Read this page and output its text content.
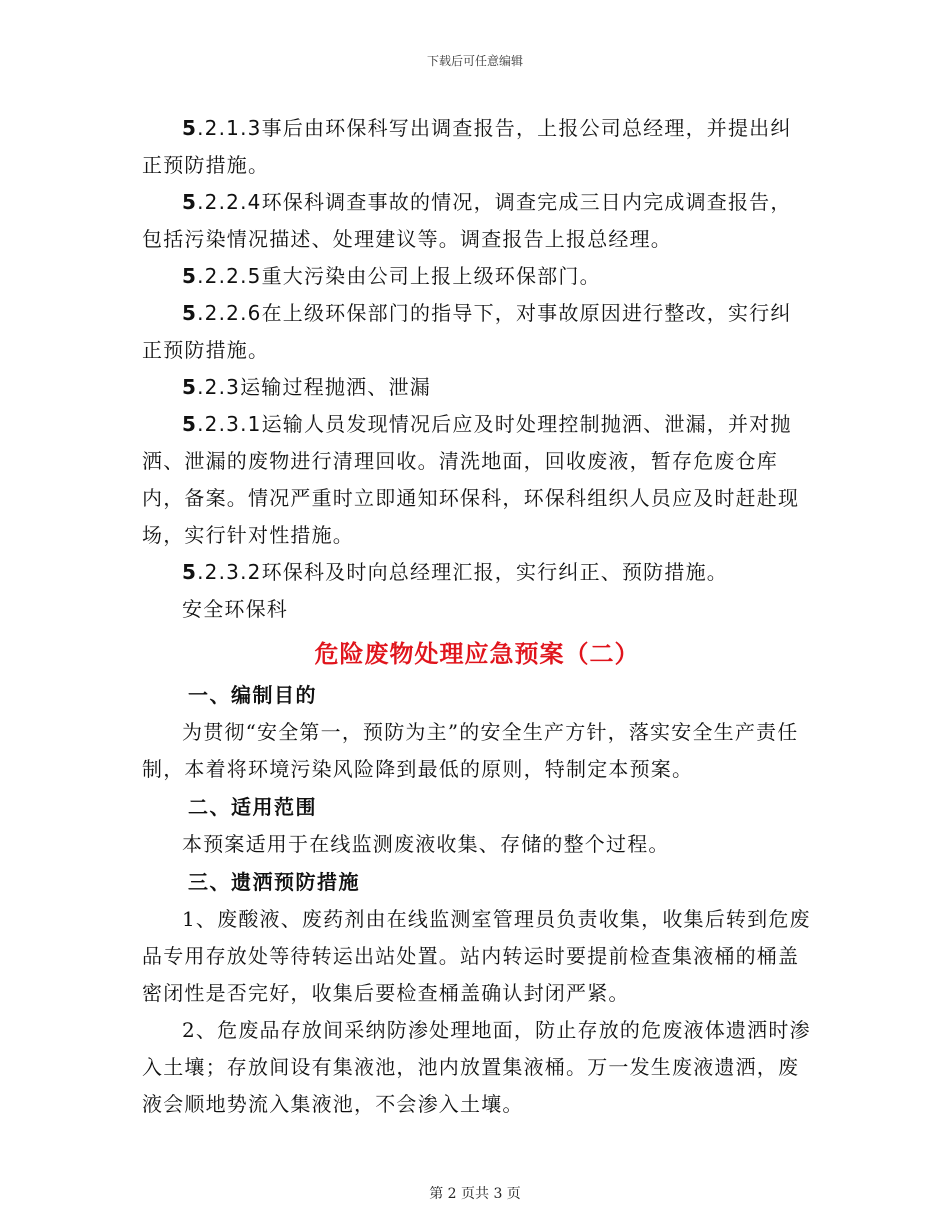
下载后可任意编辑

5.2.1.3事后由环保科写出调查报告，上报公司总经理，并提出纠正预防措施。

5.2.2.4环保科调查事故的情况，调查完成三日内完成调查报告，包括污染情况描述、处理建议等。调查报告上报总经理。

5.2.2.5重大污染由公司上报上级环保部门。

5.2.2.6在上级环保部门的指导下，对事故原因进行整改，实行纠正预防措施。

5.2.3运输过程抛洒、泄漏

5.2.3.1运输人员发现情况后应及时处理控制抛洒、泄漏，并对抛洒、泄漏的废物进行清理回收。清洗地面，回收废液，暂存危废仓库内，备案。情况严重时立即通知环保科，环保科组织人员应及时赶赴现场，实行针对性措施。

5.2.3.2环保科及时向总经理汇报，实行纠正、预防措施。

安全环保科

危险废物处理应急预案（二）
一、编制目的

为贯彻“安全第一，预防为主”的安全生产方针，落实安全生产责任制，本着将环境污染风险降到最低的原则，特制定本预案。

二、适用范围

本预案适用于在线监测废液收集、存储的整个过程。

三、遗洒预防措施

1、废酸液、废药剂由在线监测室管理员负责收集，收集后转到危废品专用存放处等待转运出站处置。站内转运时要提前检查集液桶的桶盖密闭性是否完好，收集后要检查桶盖确认封闭严紧。

2、危废品存放间采纳防渗处理地面，防止存放的危废液体遗洒时渗入土壤；存放间设有集液池，池内放置集液桶。万一发生废液遗洒，废液会顺地势流入集液池，不会渗入土壤。

第 2 页共 3 页
